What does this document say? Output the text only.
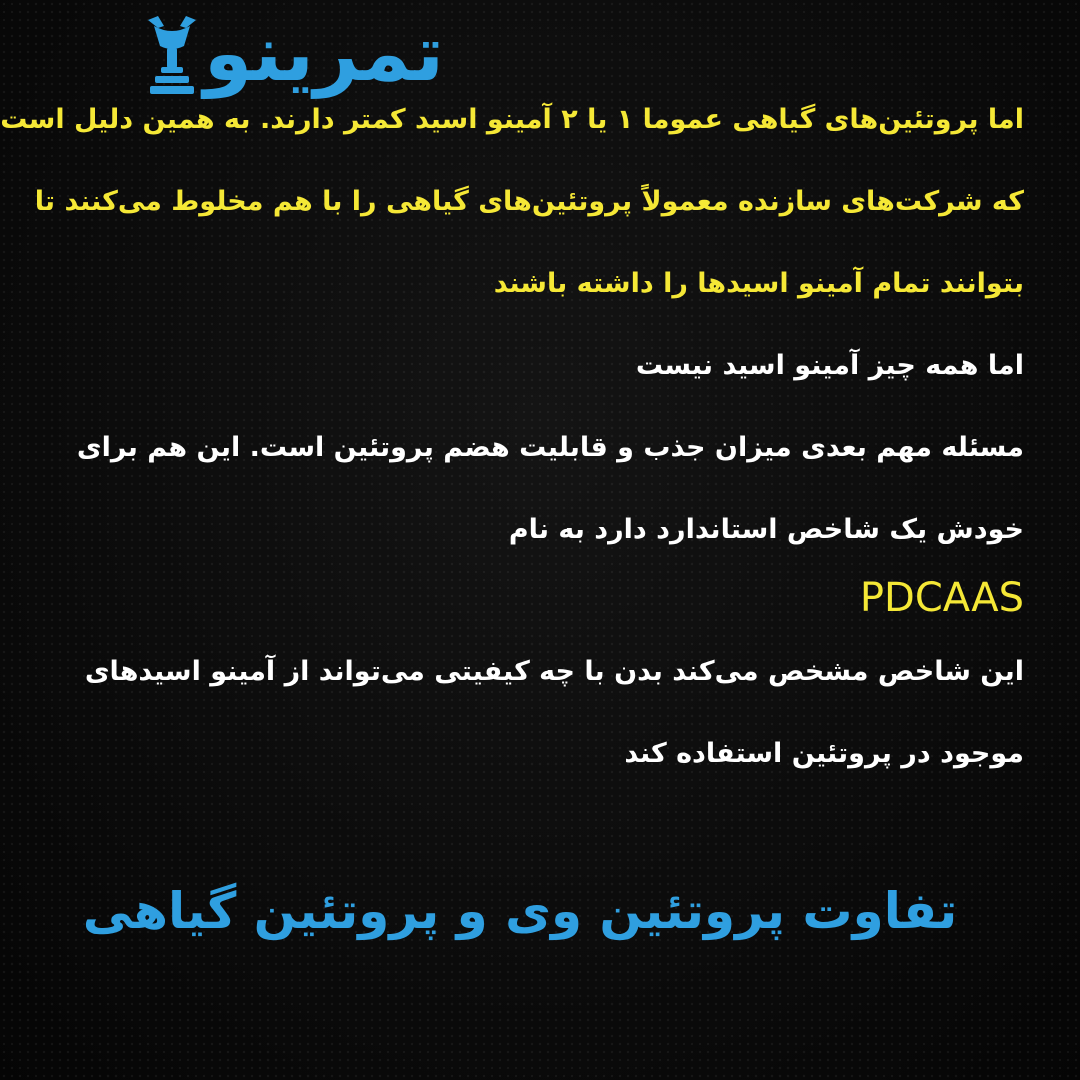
تمرینو
اما پروتئین‌های گیاهی عموما ۱ یا ۲ آمینو اسید کمتر دارند. به همین دلیل است
که شرکت‌های سازنده معمولاً پروتئین‌های گیاهی را با هم مخلوط می‌کنند تا
بتوانند تمام آمینو اسیدها را داشته باشند
اما همه چیز آمینو اسید نیست
مسئله مهم بعدی میزان جذب و قابلیت هضم پروتئین است. این هم برای
خودش یک شاخص استاندارد دارد به نام
PDCAAS
این شاخص مشخص می‌کند بدن با چه کیفیتی می‌تواند از آمینو اسیدهای
موجود در پروتئین استفاده کند
تفاوت پروتئین وی و پروتئین گیاهی
